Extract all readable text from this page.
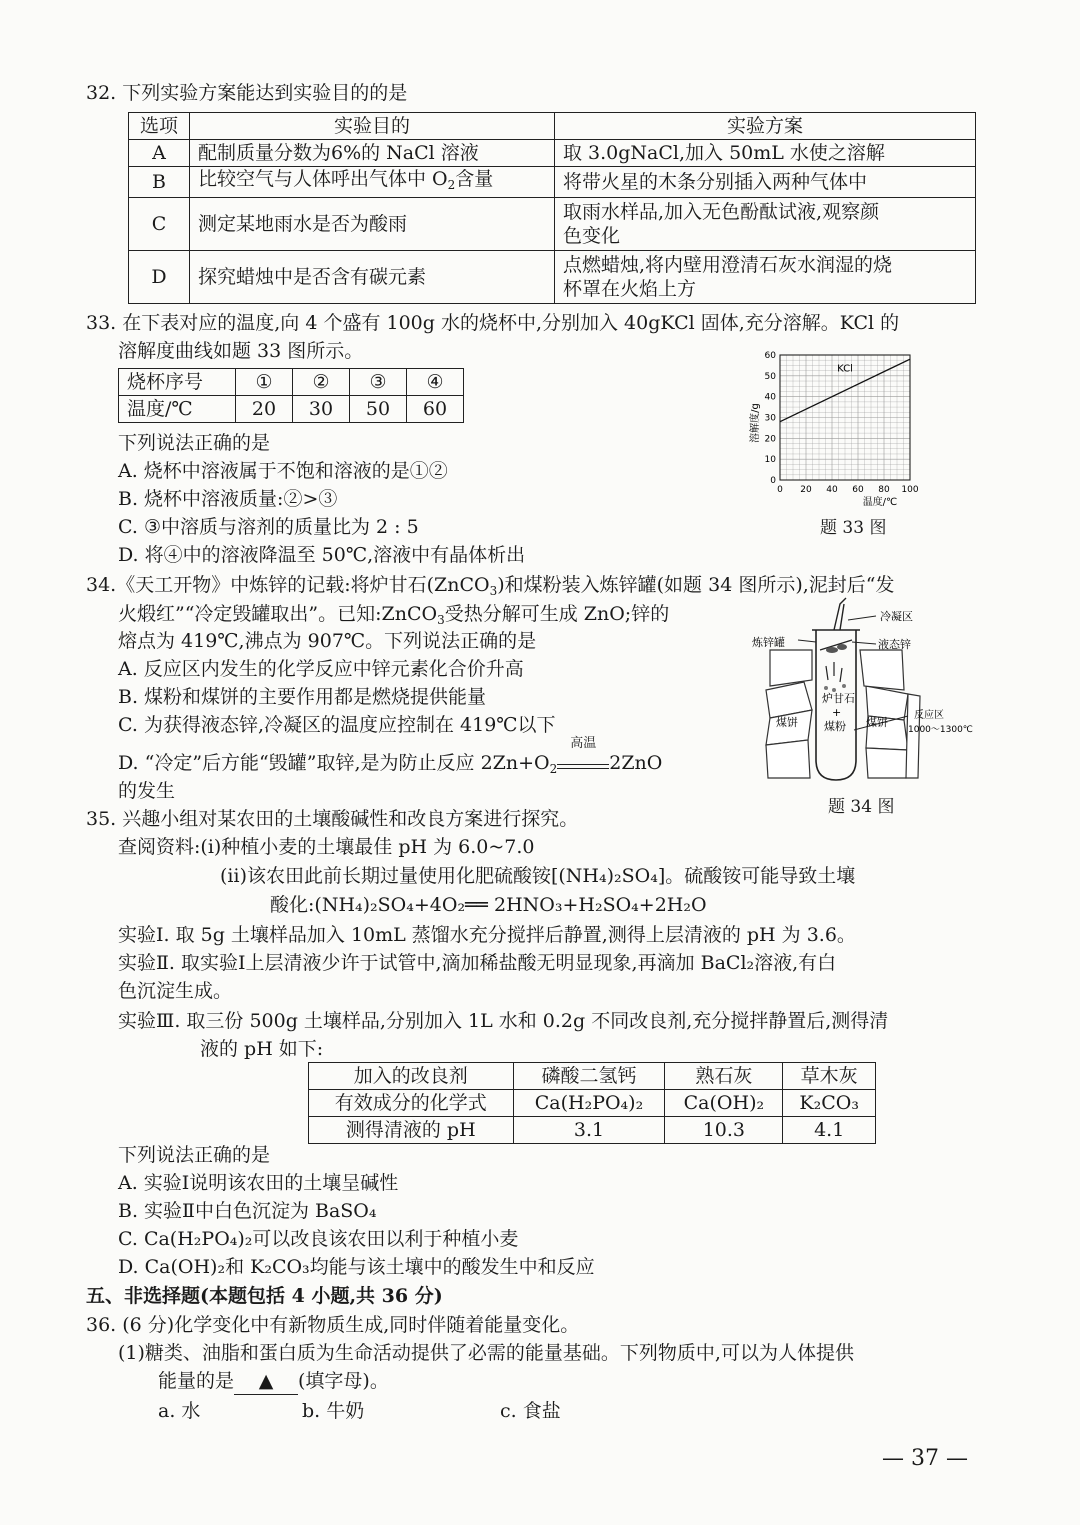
32. 下列实验方案能达到实验目的的是
选项	实验目的	实验方案
A	配制质量分数为6%的 NaCl 溶液	取 3.0gNaCl,加入 50mL 水使之溶解
B	比较空气与人体呼出气体中 $O_2$含量	将带火星的木条分别插入两种气体中
C	测定某地雨水是否为酸雨	取雨水样品,加入无色酚酞试液,观察颜
色变化

D	探究蜡烛中是否含有碳元素	点燃蜡烛,将内壁用澄清石灰水润湿的烧
杯罩在火焰上方
33. 在下表对应的温度,向 4 个盛有 100g 水的烧杯中,分别加入 40gKCl 固体,充分溶解。KCl 的
溶解度曲线如题 33 图所示。
烧杯序号	①	②	③	④
温度/℃	20	30	50	60
下列说法正确的是
A. 烧杯中溶液属于不饱和溶液的是①②
B. 烧杯中溶液质量:②>③
C. ③中溶质与溶剂的质量比为 2 : 5
D. 将④中的溶液降温至 50℃,溶液中有晶体析出
0 20 40 60 80 100
10
20
30
40
50
60
0
KCl
溶解度/g
温度/℃
题 33 图
34.《天工开物》中炼锌的记载:将炉甘石(ZnCO$_3$)和煤粉装入炼锌罐(如题 34 图所示),泥封后“发
火煅红”“冷定毁罐取出”。已知:ZnCO$_3$受热分解可生成 ZnO;锌的
熔点为 419℃,沸点为 907℃。下列说法正确的是
A. 反应区内发生的化学反应中锌元素化合价升高
B. 煤粉和煤饼的主要作用都是燃烧提供能量
C. 为获得液态锌,冷凝区的温度应控制在 419℃以下
D. “冷定”后方能“毁罐”取锌,是为防止反应 $2Zn+O_2$
高温
2ZnO
的发生
冷凝区
液态锌
炼锌罐
炉甘石
+
煤粉
煤饼	煤饼
反应区
1000～1300℃
题 34 图
35. 兴趣小组对某农田的土壤酸碱性和改良方案进行探究。
查阅资料:(ⅰ)种植小麦的土壤最佳 pH 为 6.0~7.0
(ⅱ)该农田此前长期过量使用化肥硫酸铵[(NH₄)₂SO₄]。硫酸铵可能导致土壤
酸化:(NH₄)₂SO₄+4O₂══ 2HNO₃+H₂SO₄+2H₂O
实验Ⅰ. 取 5g 土壤样品加入 10mL 蒸馏水充分搅拌后静置,测得上层清液的 pH 为 3.6。
实验Ⅱ. 取实验Ⅰ上层清液少许于试管中,滴加稀盐酸无明显现象,再滴加 BaCl₂溶液,有白
色沉淀生成。
实验Ⅲ. 取三份 500g 土壤样品,分别加入 1L 水和 0.2g 不同改良剂,充分搅拌静置后,测得清
液的 pH 如下:
加入的改良剂	磷酸二氢钙	熟石灰	草木灰
有效成分的化学式	Ca(H₂PO₄)₂	Ca(OH)₂	K₂CO₃
测得清液的 pH	3.1	10.3	4.1
下列说法正确的是
A. 实验Ⅰ说明该农田的土壤呈碱性
B. 实验Ⅱ中白色沉淀为 BaSO₄
C. Ca(H₂PO₄)₂可以改良该农田以利于种植小麦
D. Ca(OH)₂和 K₂CO₃均能与该土壤中的酸发生中和反应
五、非选择题(本题包括 4 小题,共 36 分)
36. (6 分)化学变化中有新物质生成,同时伴随着能量变化。
(1)糖类、油脂和蛋白质为生命活动提供了必需的能量基础。下列物质中,可以为人体提供
能量的是 ▲ (填字母)。
a. 水	b. 牛奶	c. 食盐
— 37 —
